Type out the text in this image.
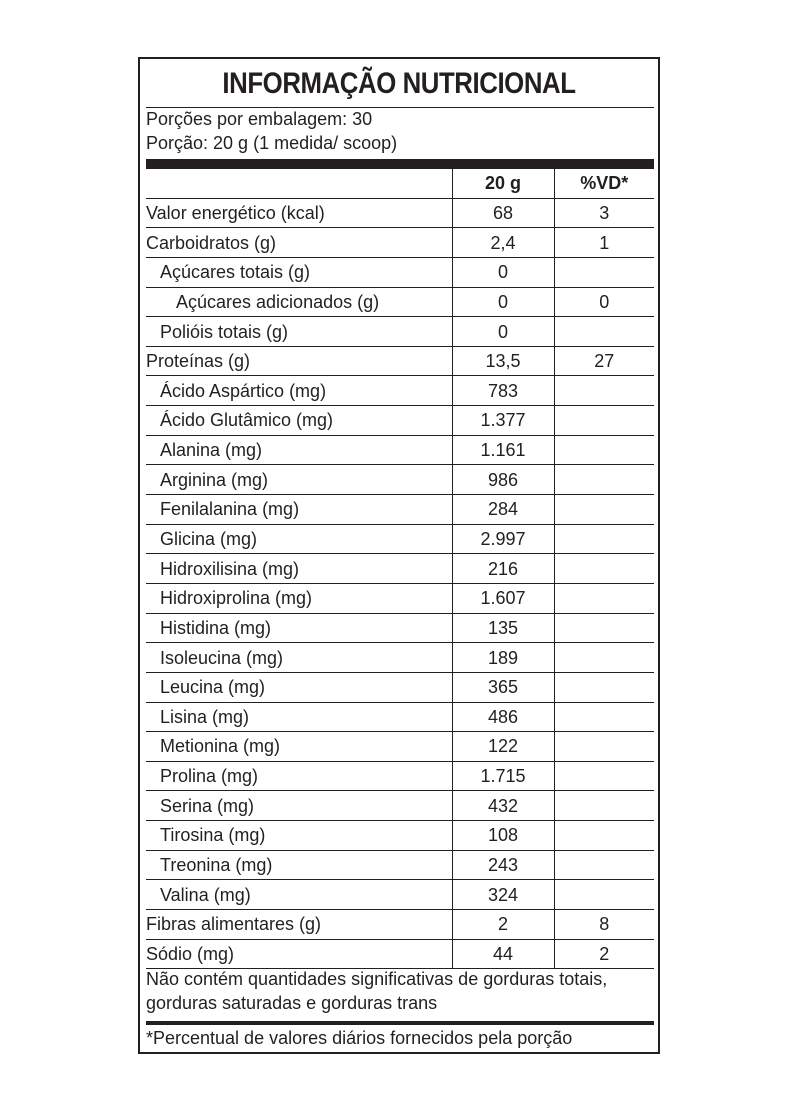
INFORMAÇÃO NUTRICIONAL
Porções por embalagem: 30
Porção: 20 g (1 medida/ scoop)
	20 g	%VD*
Valor energético (kcal)	68	3
Carboidratos (g)	2,4	1
Açúcares totais (g)	0	
Açúcares adicionados (g)	0	0
Polióis totais (g)	0	
Proteínas (g)	13,5	27
Ácido Aspártico (mg)	783	
Ácido Glutâmico (mg)	1.377	
Alanina (mg)	1.161	
Arginina (mg)	986	
Fenilalanina (mg)	284	
Glicina (mg)	2.997	
Hidroxilisina (mg)	216	
Hidroxiprolina (mg)	1.607	
Histidina (mg)	135	
Isoleucina (mg)	189	
Leucina (mg)	365	
Lisina (mg)	486	
Metionina (mg)	122	
Prolina (mg)	1.715	
Serina (mg)	432	
Tirosina (mg)	108	
Treonina (mg)	243	
Valina (mg)	324	
Fibras alimentares (g)	2	8
Sódio (mg)	44	2
Não contém quantidades significativas de gorduras totais,
gorduras saturadas e gorduras trans
*Percentual de valores diários fornecidos pela porção
